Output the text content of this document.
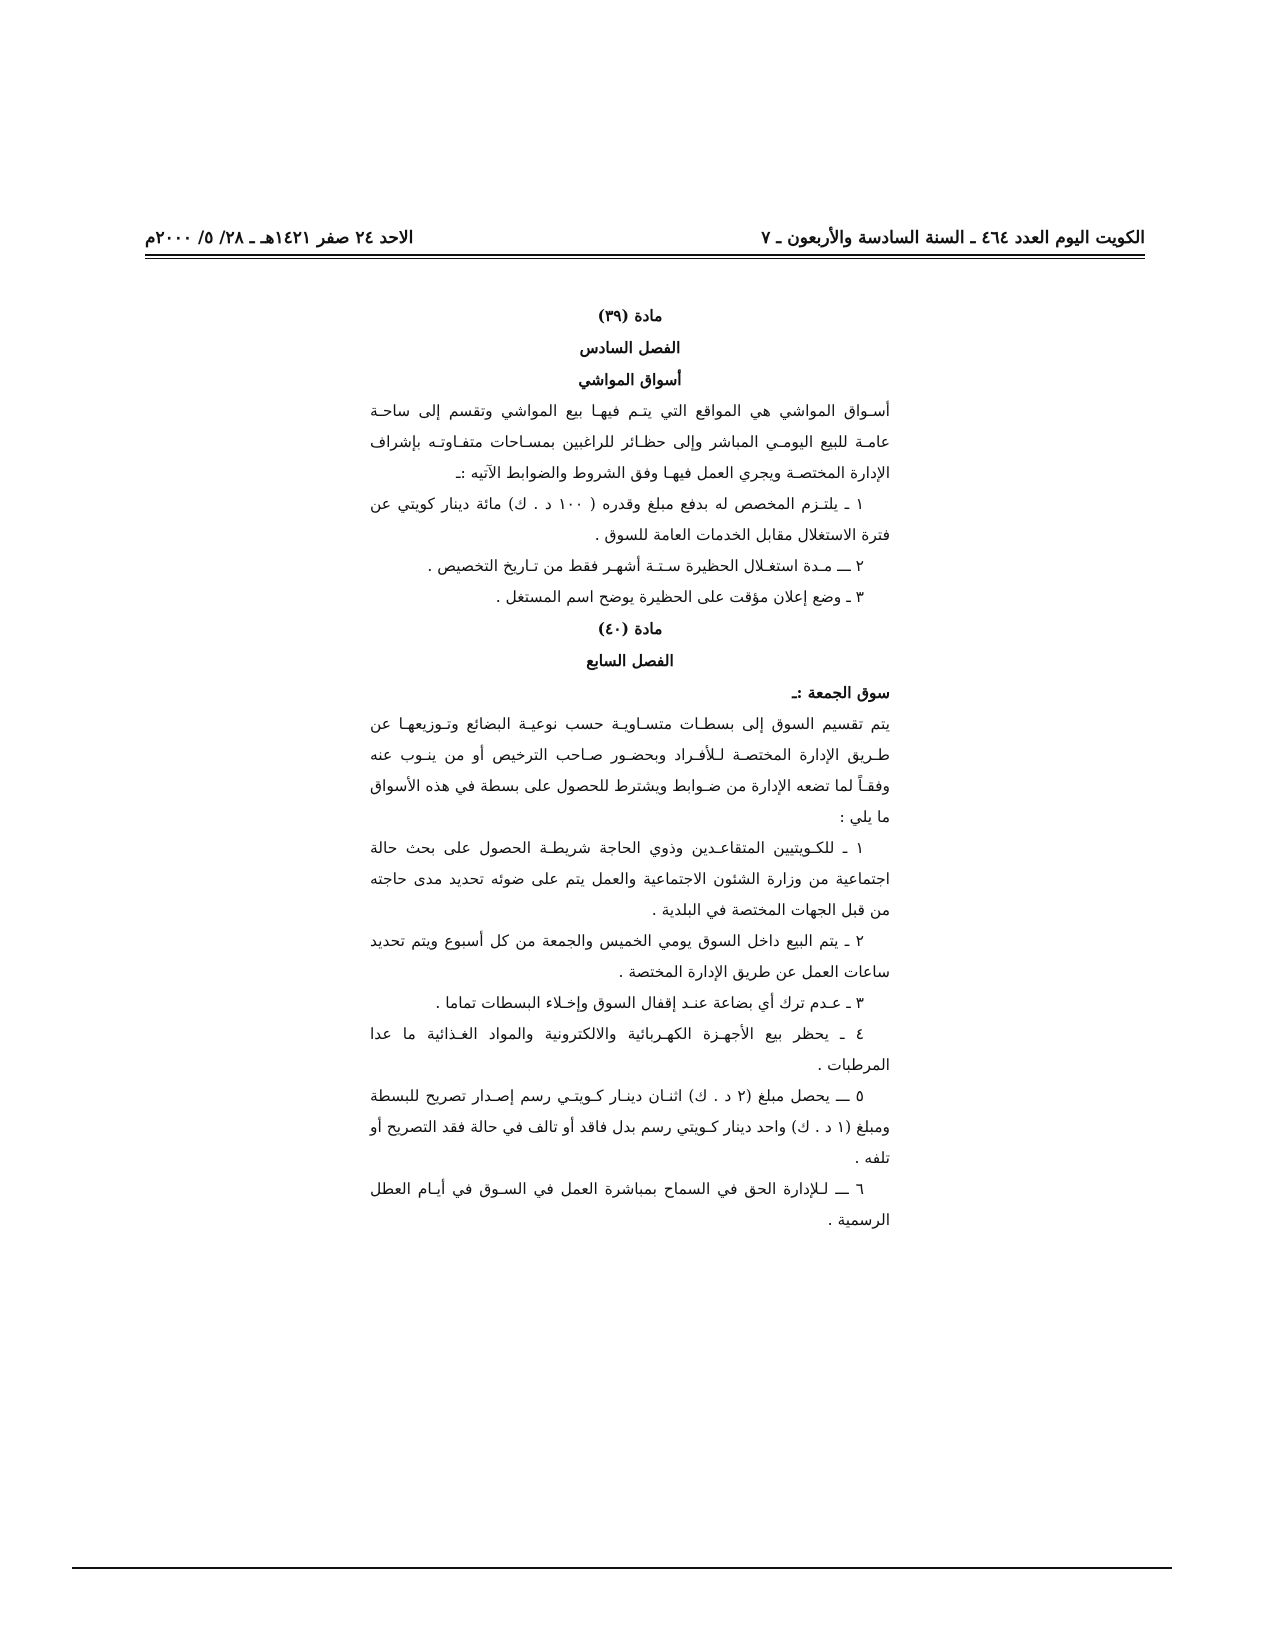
الكويت اليوم العدد ٤٦٤ ـ السنة السادسة والأربعون ـ ٧
الاحد ٢٤ صفر ١٤٢١هـ ـ ٢٨/ ٥/ ٢٠٠٠م

مادة (٣٩)

الفصل السادس

أسواق المواشي

أسـواق المواشي هي المواقع التي يتـم فيهـا بيع المواشي وتقسم إلى ساحـة عامـة للبيع اليومـي المباشر وإلى حظـائر للراغبين بمسـاحات متفـاوتـه بإشراف الإدارة المختصـة ويجري العمل فيهـا وفق الشروط والضوابط الآتيه :ـ

١ ـ يلتـزم المخصص له بدفع مبلغ وقدره ( ١٠٠ د . ك) مائة دينار كويتي عن فترة الاستغلال مقابل الخدمات العامة للسوق .

٢ ـــ مـدة استغـلال الحظيرة سـتـة أشهـر فقط من تـاريخ التخصيص .

٣ ـ وضع إعلان مؤقت على الحظيرة يوضح اسم المستغل .

مادة (٤٠)

الفصل السابع

سوق الجمعة :ـ

يتم تقسيم السوق إلى بسطـات متسـاويـة حسب نوعيـة البضائع وتـوزيعهـا عن طـريق الإدارة المختصـة لـلأفـراد وبحضـور صـاحب الترخيص أو من ينـوب عنه وفقـاً لما تضعه الإدارة من ضـوابط ويشترط للحصول على بسطة في هذه الأسواق ما يلي :

١ ـ للكـويتيين المتقاعـدين وذوي الحاجة شريطـة الحصول على بحث حالة اجتماعية من وزارة الشئون الاجتماعية والعمل يتم على ضوئه تحديد مدى حاجته من قبل الجهات المختصة في البلدية .

٢ ـ يتم البيع داخل السوق يومي الخميس والجمعة من كل أسبوع ويتم تحديد ساعات العمل عن طريق الإدارة المختصة .

٣ ـ عـدم ترك أي بضاعة عنـد إقفال السوق وإخـلاء البسطات تماما .

٤ ـ يحظر بيع الأجهـزة الكهـربائية والالكترونية والمواد الغـذائية ما عدا المرطبات .

٥ ـــ يحصل مبلغ (٢ د . ك) اثنـان دينـار كـويتـي رسم إصـدار تصريح للبسطة ومبلغ (١ د . ك) واحد دينار كـويتي رسم بدل فاقد أو تالف في حالة فقد التصريح أو تلفه .

٦ ـــ لـلإدارة الحق في السماح بمباشرة العمل في السـوق في أيـام العطل الرسمية .
